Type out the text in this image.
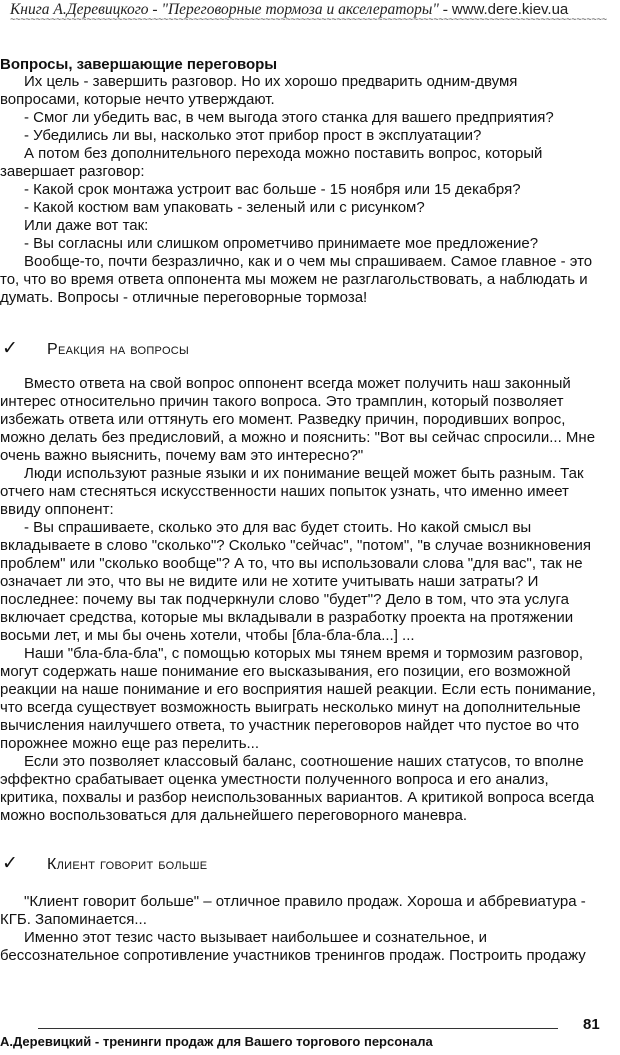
Книга А.Деревицкого - "Переговорные тормоза и акселераторы" - www.dere.kiev.ua
~~~~~~~~~~~~~~~~~~~~~~~~~~~~~~~~~~~~~~~~~~~~~~~~~~~~~~~~~~~~~~~~~~~~~~~~~~~~~~~~~~~~~~~~~~~~~~~~~~~~~~~~~~~~~~~~~~~~~
Вопросы, завершающие переговоры
Их цель - завершить разговор. Но их хорошо предварить одним-двумя
вопросами, которые нечто утверждают.
- Смог ли убедить вас, в чем выгода этого станка для вашего предприятия?
- Убедились ли вы, насколько этот прибор прост в эксплуатации?
А потом без дополнительного перехода можно поставить вопрос, который
завершает разговор:
- Какой срок монтажа устроит вас больше - 15 ноября или 15 декабря?
- Какой костюм вам упаковать - зеленый или с рисунком?
Или даже вот так:
- Вы согласны или слишком опрометчиво принимаете мое предложение?
Вообще-то, почти безразлично, как и о чем мы спрашиваем. Самое главное - это
то, что во время ответа оппонента мы можем не разглагольствовать, а наблюдать и
думать. Вопросы - отличные переговорные тормоза!
✓ Реакция на вопросы
Вместо ответа на свой вопрос оппонент всегда может получить наш законный
интерес относительно причин такого вопроса. Это трамплин, который позволяет
избежать ответа или оттянуть его момент. Разведку причин, породивших вопрос,
можно делать без предисловий, а можно и пояснить: "Вот вы сейчас спросили... Мне
очень важно выяснить, почему вам это интересно?"
Люди используют разные языки и их понимание вещей может быть разным. Так
отчего нам стесняться искусственности наших попыток узнать, что именно имеет
ввиду оппонент:
- Вы спрашиваете, сколько это для вас будет стоить. Но какой смысл вы
вкладываете в слово "сколько"? Сколько "сейчас", "потом", "в случае возникновения
проблем" или "сколько вообще"? А то, что вы использовали слова "для вас", так не
означает ли это, что вы не видите или не хотите учитывать наши затраты? И
последнее: почему вы так подчеркнули слово "будет"? Дело в том, что эта услуга
включает средства, которые мы вкладывали в разработку проекта на протяжении
восьми лет, и мы бы очень хотели, чтобы [бла-бла-бла...] ...
Наши "бла-бла-бла", с помощью которых мы тянем время и тормозим разговор,
могут содержать наше понимание его высказывания, его позиции, его возможной
реакции на наше понимание и его восприятия нашей реакции. Если есть понимание,
что всегда существует возможность выиграть несколько минут на дополнительные
вычисления наилучшего ответа, то участник переговоров найдет что пустое во что
порожнее можно еще раз перелить...
Если это позволяет классовый баланс, соотношение наших статусов, то вполне
эффектно срабатывает оценка уместности полученного вопроса и его анализ,
критика, похвалы и разбор неиспользованных вариантов. А критикой вопроса всегда
можно воспользоваться для дальнейшего переговорного маневра.
✓ Клиент говорит больше
"Клиент говорит больше" – отличное правило продаж. Хороша и аббревиатура -
КГБ. Запоминается...
Именно этот тезис часто вызывает наибольшее и сознательное, и
бессознательное сопротивление участников тренингов продаж. Построить продажу
81
А.Деревицкий - тренинги продаж для Вашего торгового персонала
